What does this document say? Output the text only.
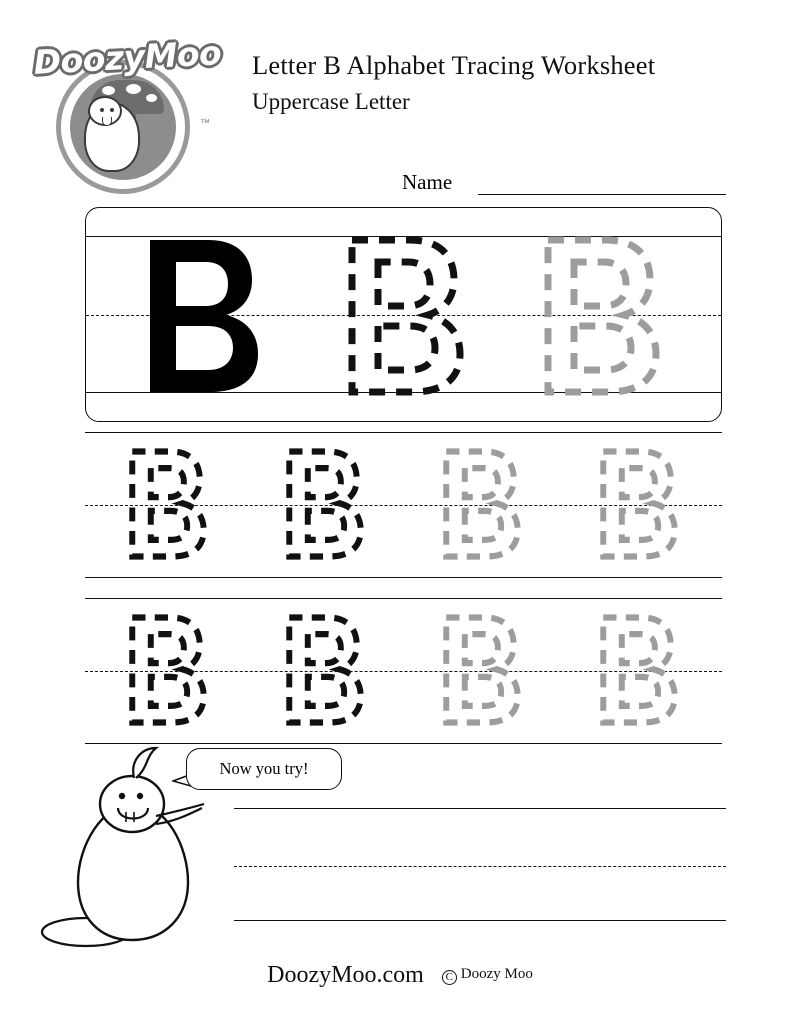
DoozyMoo
™
Letter B Alphabet Tracing Worksheet
Uppercase Letter
Name
Now you try!
DoozyMoo.com C Doozy Moo
